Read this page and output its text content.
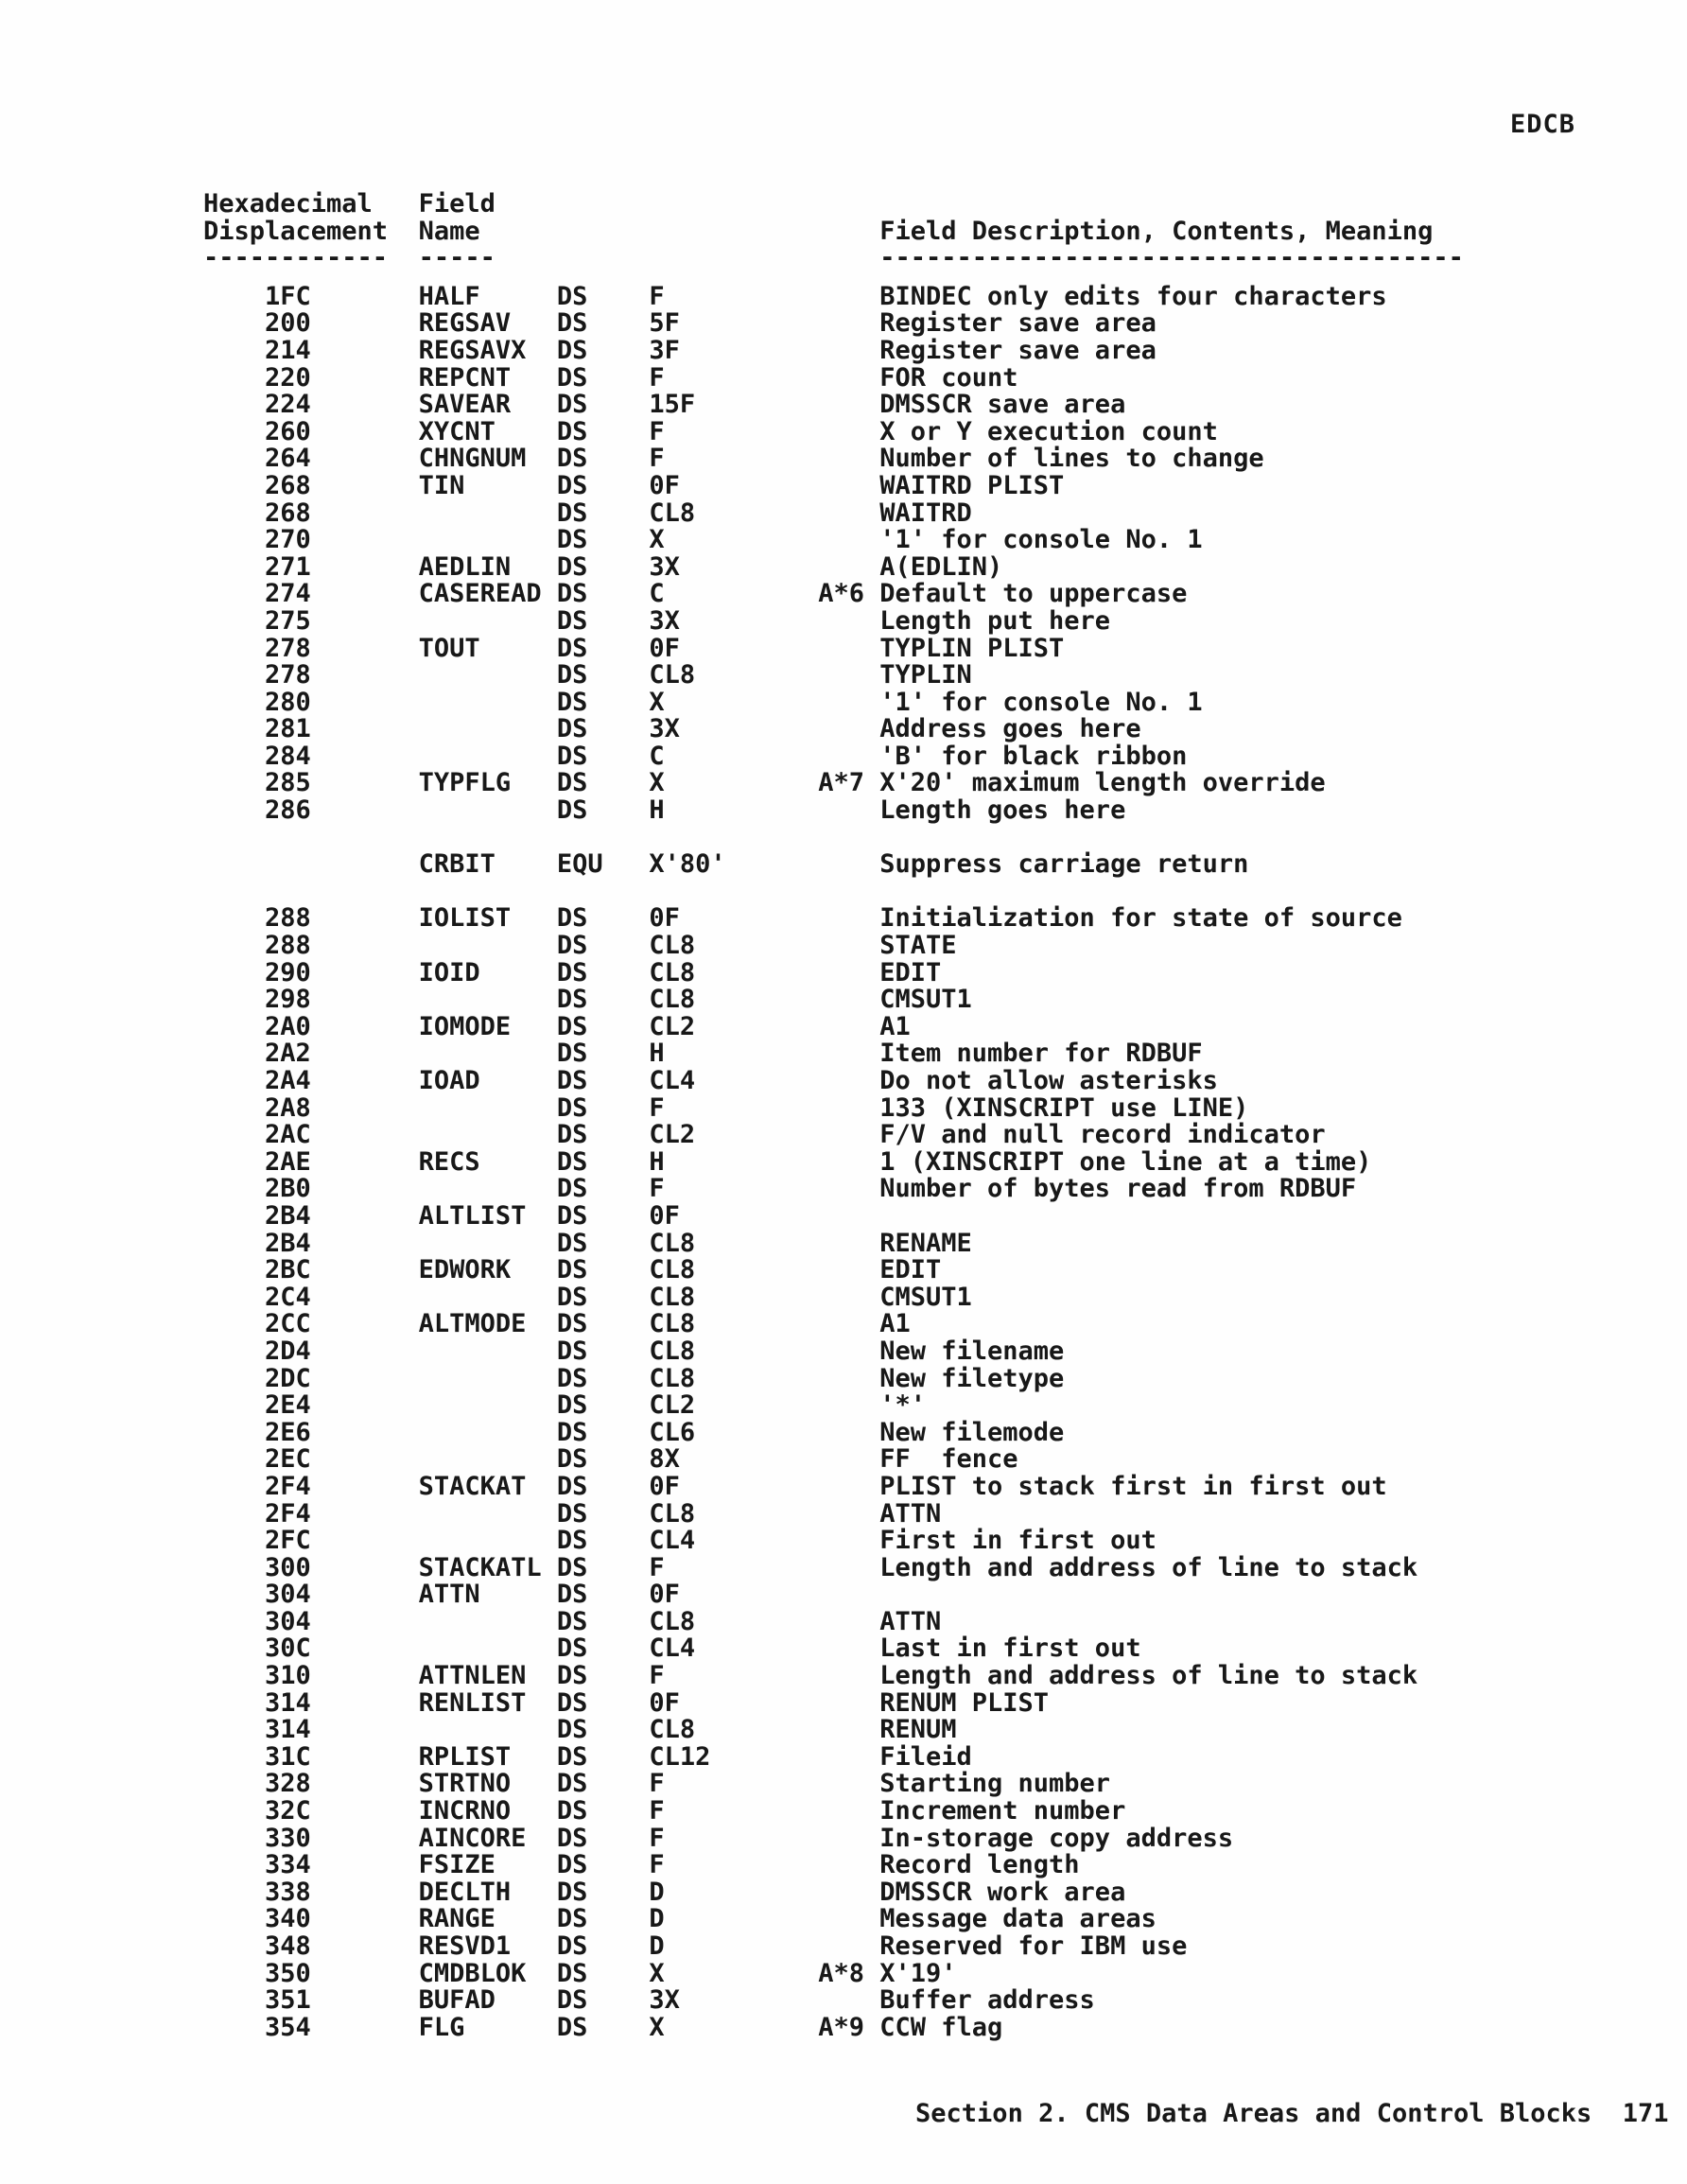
EDCB
Hexadecimal Field
Displacement Name	Field Description, Contents, Meaning
------------ -----	--------------------------------------
1FC	HALF	DS F	BINDEC only edits four characters
200	REGSAV DS 5F	Register save area
214	REGSAVX DS 3F	Register save area
220	REPCNT DS F	FOR count
224	SAVEAR DS 15F	DMSSCR save area
260	XYCNT DS F	X or Y execution count
264	CHNGNUM DS F	Number of lines to change
268	TIN	DS 0F	WAITRD PLIST
268	DS CL8	WAITRD
270	DS X	'1' for console No. 1
271	AEDLIN DS 3X	A(EDLIN)
274	CASEREAD DS C	A*6 Default to uppercase
275	DS 3X	Length put here
278	TOUT	DS 0F	TYPLIN PLIST
278	DS CL8	TYPLIN
280	DS X	'1' for console No. 1
281	DS 3X	Address goes here
284	DS C	'B' for black ribbon
285	TYPFLG DS X	A*7 X'20' maximum length override
286	DS H	Length goes here
CRBIT EQU X'80'	Suppress carriage return
288	IOLIST DS 0F	Initialization for state of source
288	DS CL8	STATE
290	IOID	DS CL8	EDIT
298	DS CL8	CMSUT1
2A0	IOMODE DS CL2	A1
2A2	DS H	Item number for RDBUF
2A4	IOAD	DS CL4	Do not allow asterisks
2A8	DS F	133 (XINSCRIPT use LINE)
2AC	DS CL2	F/V and null record indicator
2AE	RECS	DS H	1 (XINSCRIPT one line at a time)
2B0	DS F	Number of bytes read from RDBUF
2B4	ALTLIST DS 0F
2B4	DS CL8	RENAME
2BC	EDWORK DS CL8	EDIT
2C4	DS CL8	CMSUT1
2CC	ALTMODE DS CL8	A1
2D4	DS CL8	New filename
2DC	DS CL8	New filetype
2E4	DS CL2	'*'
2E6	DS CL6	New filemode
2EC	DS 8X	FF  fence
2F4	STACKAT DS 0F	PLIST to stack first in first out
2F4	DS CL8	ATTN
2FC	DS CL4	First in first out
300	STACKATL DS F	Length and address of line to stack
304	ATTN	DS 0F
304	DS CL8	ATTN
30C	DS CL4	Last in first out
310	ATTNLEN DS F	Length and address of line to stack
314	RENLIST DS 0F	RENUM PLIST
314	DS CL8	RENUM
31C	RPLIST DS CL12	Fileid
328	STRTNO DS F	Starting number
32C	INCRNO DS F	Increment number
330	AINCORE DS F	In-storage copy address
334	FSIZE DS F	Record length
338	DECLTH DS D	DMSSCR work area
340	RANGE DS D	Message data areas
348	RESVD1 DS D	Reserved for IBM use
350	CMDBLOK DS X	A*8 X'19'
351	BUFAD DS 3X	Buffer address
354	FLG	DS X	A*9 CCW flag

Section 2. CMS Data Areas and Control Blocks 171
